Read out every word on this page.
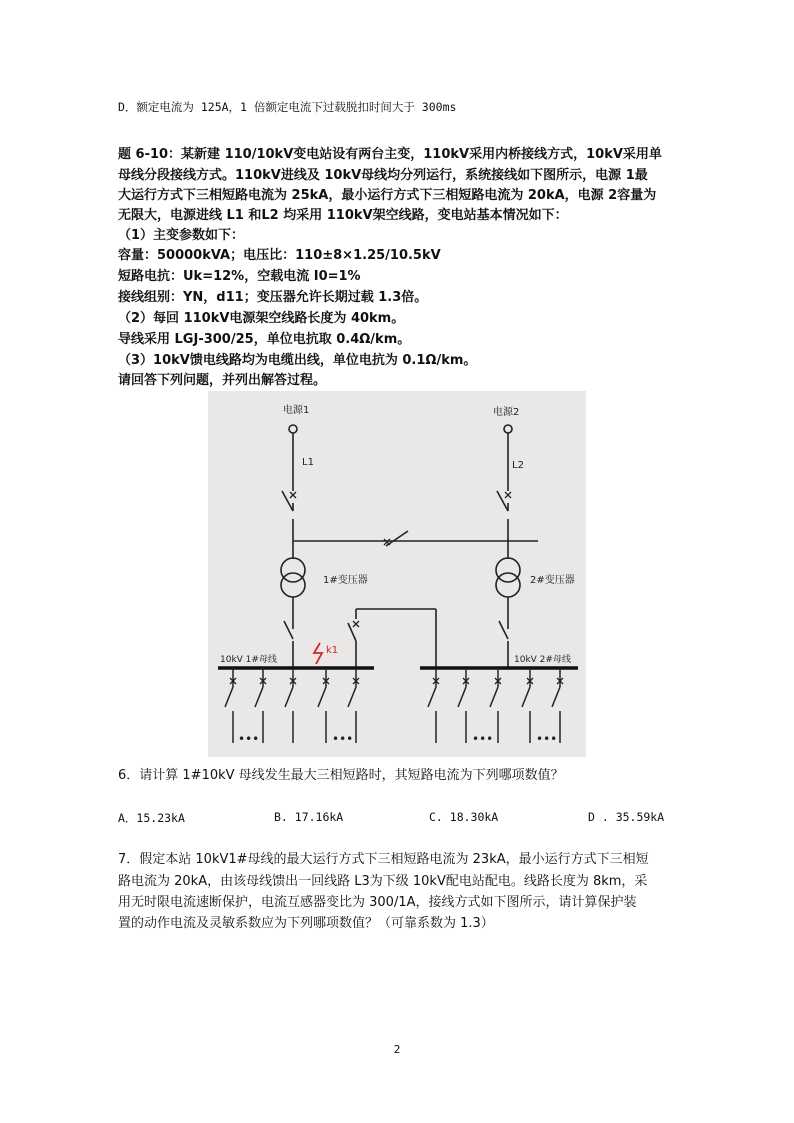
D．额定电流为 125A，1 倍额定电流下过载脱扣时间大于 300ms
题 6-10：某新建 110/10kV变电站设有两台主变，110kV采用内桥接线方式，10kV采用单
母线分段接线方式。110kV进线及 10kV母线均分列运行，系统接线如下图所示，电源 1最
大运行方式下三相短路电流为 25kA，最小运行方式下三相短路电流为 20kA，电源 2容量为
无限大，电源进线 L1 和L2 均采用 110kV架空线路，变电站基本情况如下：
（1）主变参数如下：
容量：50000kVA；电压比：110±8×1.25/10.5kV
短路电抗：Uk=12%，空载电流 I0=1%
接线组别：YN，d11；变压器允许长期过载 1.3倍。
（2）每回 110kV电源架空线路长度为 40km。
导线采用 LGJ-300/25，单位电抗取 0.4Ω/km。
（3）10kV馈电线路均为电缆出线，单位电抗为 0.1Ω/km。
请回答下列问题，并列出解答过程。
电源1	电源2
L1	L2
1#变压器	2#变压器
10kV 1#母线	10kV 2#母线
k1
•••	•••	•••	•••
6．请计算 1#10kV 母线发生最大三相短路时，其短路电流为下列哪项数值？
A．15.23kA	B. 17.16kA	C. 18.30kA	D . 35.59kA
7．假定本站 10kV1#母线的最大运行方式下三相短路电流为 23kA，最小运行方式下三相短
路电流为 20kA，由该母线馈出一回线路 L3为下级 10kV配电站配电。线路长度为 8km，采
用无时限电流速断保护，电流互感器变比为 300/1A，接线方式如下图所示，请计算保护装
置的动作电流及灵敏系数应为下列哪项数值？（可靠系数为 1.3）
2
